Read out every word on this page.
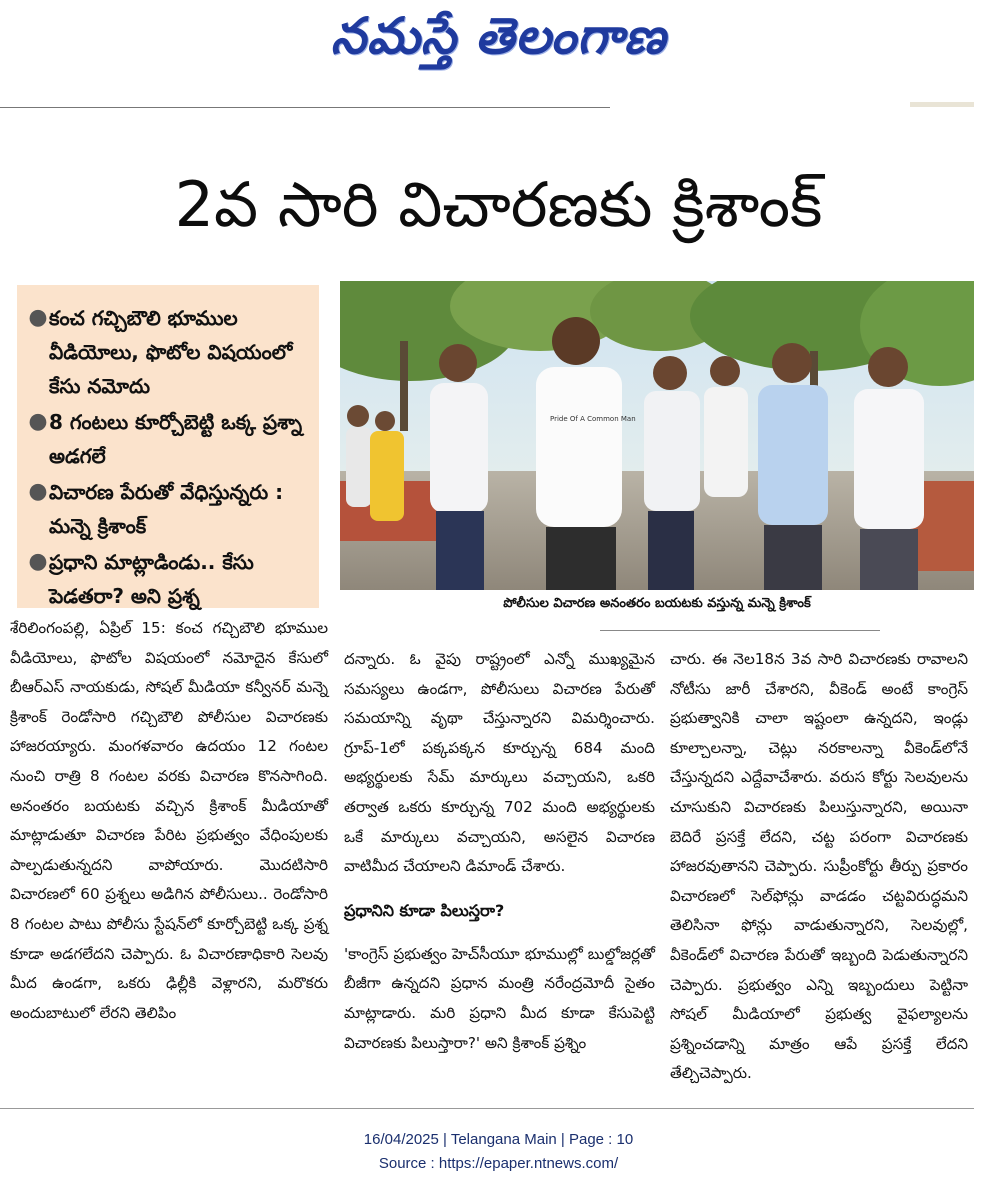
నమస్తే తెలంగాణ
2వ సారి విచారణకు క్రిశాంక్
● కంచ గచ్చిబౌలి భూముల వీడియోలు, ఫొటోల విషయంలో కేసు నమోదు
● 8 గంటలు కూర్చోబెట్టి ఒక్క ప్రశ్నా అడగలే
● విచారణ పేరుతో వేధిస్తున్నరు : మన్నె క్రిశాంక్
● ప్రధాని మాట్లాడిండు.. కేసు పెడతరా? అని ప్రశ్న
Pride Of A Common Man
పోలీసుల విచారణ అనంతరం బయటకు వస్తున్న మన్నె క్రిశాంక్

శేరిలింగంపల్లి, ఏప్రిల్ 15: కంచ గచ్చిబౌలి భూముల వీడియోలు, ఫొటోల విషయంలో నమోదైన కేసులో బీఆర్ఎస్ నాయకుడు, సోషల్ మీడియా కన్వీనర్ మన్నె క్రిశాంక్ రెండోసారి గచ్చిబౌలి పోలీసుల విచారణకు హాజరయ్యారు. మంగళవారం ఉదయం 12 గంటల నుంచి రాత్రి 8 గంటల వరకు విచారణ కొనసాగింది. అనంతరం బయటకు వచ్చిన క్రిశాంక్ మీడియాతో మాట్లాడుతూ విచారణ పేరిట ప్రభుత్వం వేధింపులకు పాల్పడుతున్నదని వాపోయారు. మొదటిసారి విచారణలో 60 ప్రశ్నలు అడిగిన పోలీసులు.. రెండోసారి 8 గంటల పాటు పోలీసు స్టేషన్‌లో కూర్చోబెట్టి ఒక్క ప్రశ్న కూడా అడగలేదని చెప్పారు. ఓ విచారణాధికారి సెలవు మీద ఉండగా, ఒకరు ఢిల్లీకి వెళ్లారని, మరొకరు అందుబాటులో లేరని తెలిపిం

దన్నారు. ఓ వైపు రాష్ట్రంలో ఎన్నో ముఖ్యమైన సమస్యలు ఉండగా, పోలీసులు విచారణ పేరుతో సమయాన్ని వృథా చేస్తున్నారని విమర్శించారు. గ్రూప్-1లో పక్కపక్కన కూర్చున్న 684 మంది అభ్యర్థులకు సేమ్ మార్కులు వచ్చాయని, ఒకరి తర్వాత ఒకరు కూర్చున్న 702 మంది అభ్యర్థులకు ఒకే మార్కులు వచ్చాయని, అసలైన విచారణ వాటిమీద చేయాలని డిమాండ్ చేశారు.

ప్రధానిని కూడా పిలుస్తరా?

'కాంగ్రెస్ ప్రభుత్వం హెచ్‌సీయూ భూముల్లో బుల్డోజర్లతో బీజీగా ఉన్నదని ప్రధాన మంత్రి నరేంద్రమోదీ సైతం మాట్లాడారు. మరి ప్రధాని మీద కూడా కేసుపెట్టి విచారణకు పిలుస్తారా?' అని క్రిశాంక్ ప్రశ్నిం

చారు. ఈ నెల18న 3వ సారి విచారణకు రావాలని నోటీసు జారీ చేశారని, వీకెండ్ అంటే కాంగ్రెస్ ప్రభుత్వానికి చాలా ఇష్టంలా ఉన్నదని, ఇండ్లు కూల్చాలన్నా, చెట్లు నరకాలన్నా వీకెండ్‌లోనే చేస్తున్నదని ఎద్దేవాచేశారు. వరుస కోర్టు సెలవులను చూసుకుని విచారణకు పిలుస్తున్నారని, అయినా బెదిరే ప్రసక్తే లేదని, చట్ట పరంగా విచారణకు హాజరవుతానని చెప్పారు. సుప్రీంకోర్టు తీర్పు ప్రకారం విచారణలో సెల్‌ఫోన్లు వాడడం చట్టవిరుద్ధమని తెలిసినా ఫోన్లు వాడుతున్నారని, సెలవుల్లో, వీకెండ్‌లో విచారణ పేరుతో ఇబ్బంది పెడుతున్నారని చెప్పారు. ప్రభుత్వం ఎన్ని ఇబ్బందులు పెట్టినా సోషల్ మీడియాలో ప్రభుత్వ వైఫల్యాలను ప్రశ్నించడాన్ని మాత్రం ఆపే ప్రసక్తే లేదని తేల్చిచెప్పారు.

16/04/2025 | Telangana Main | Page : 10
Source : https://epaper.ntnews.com/
